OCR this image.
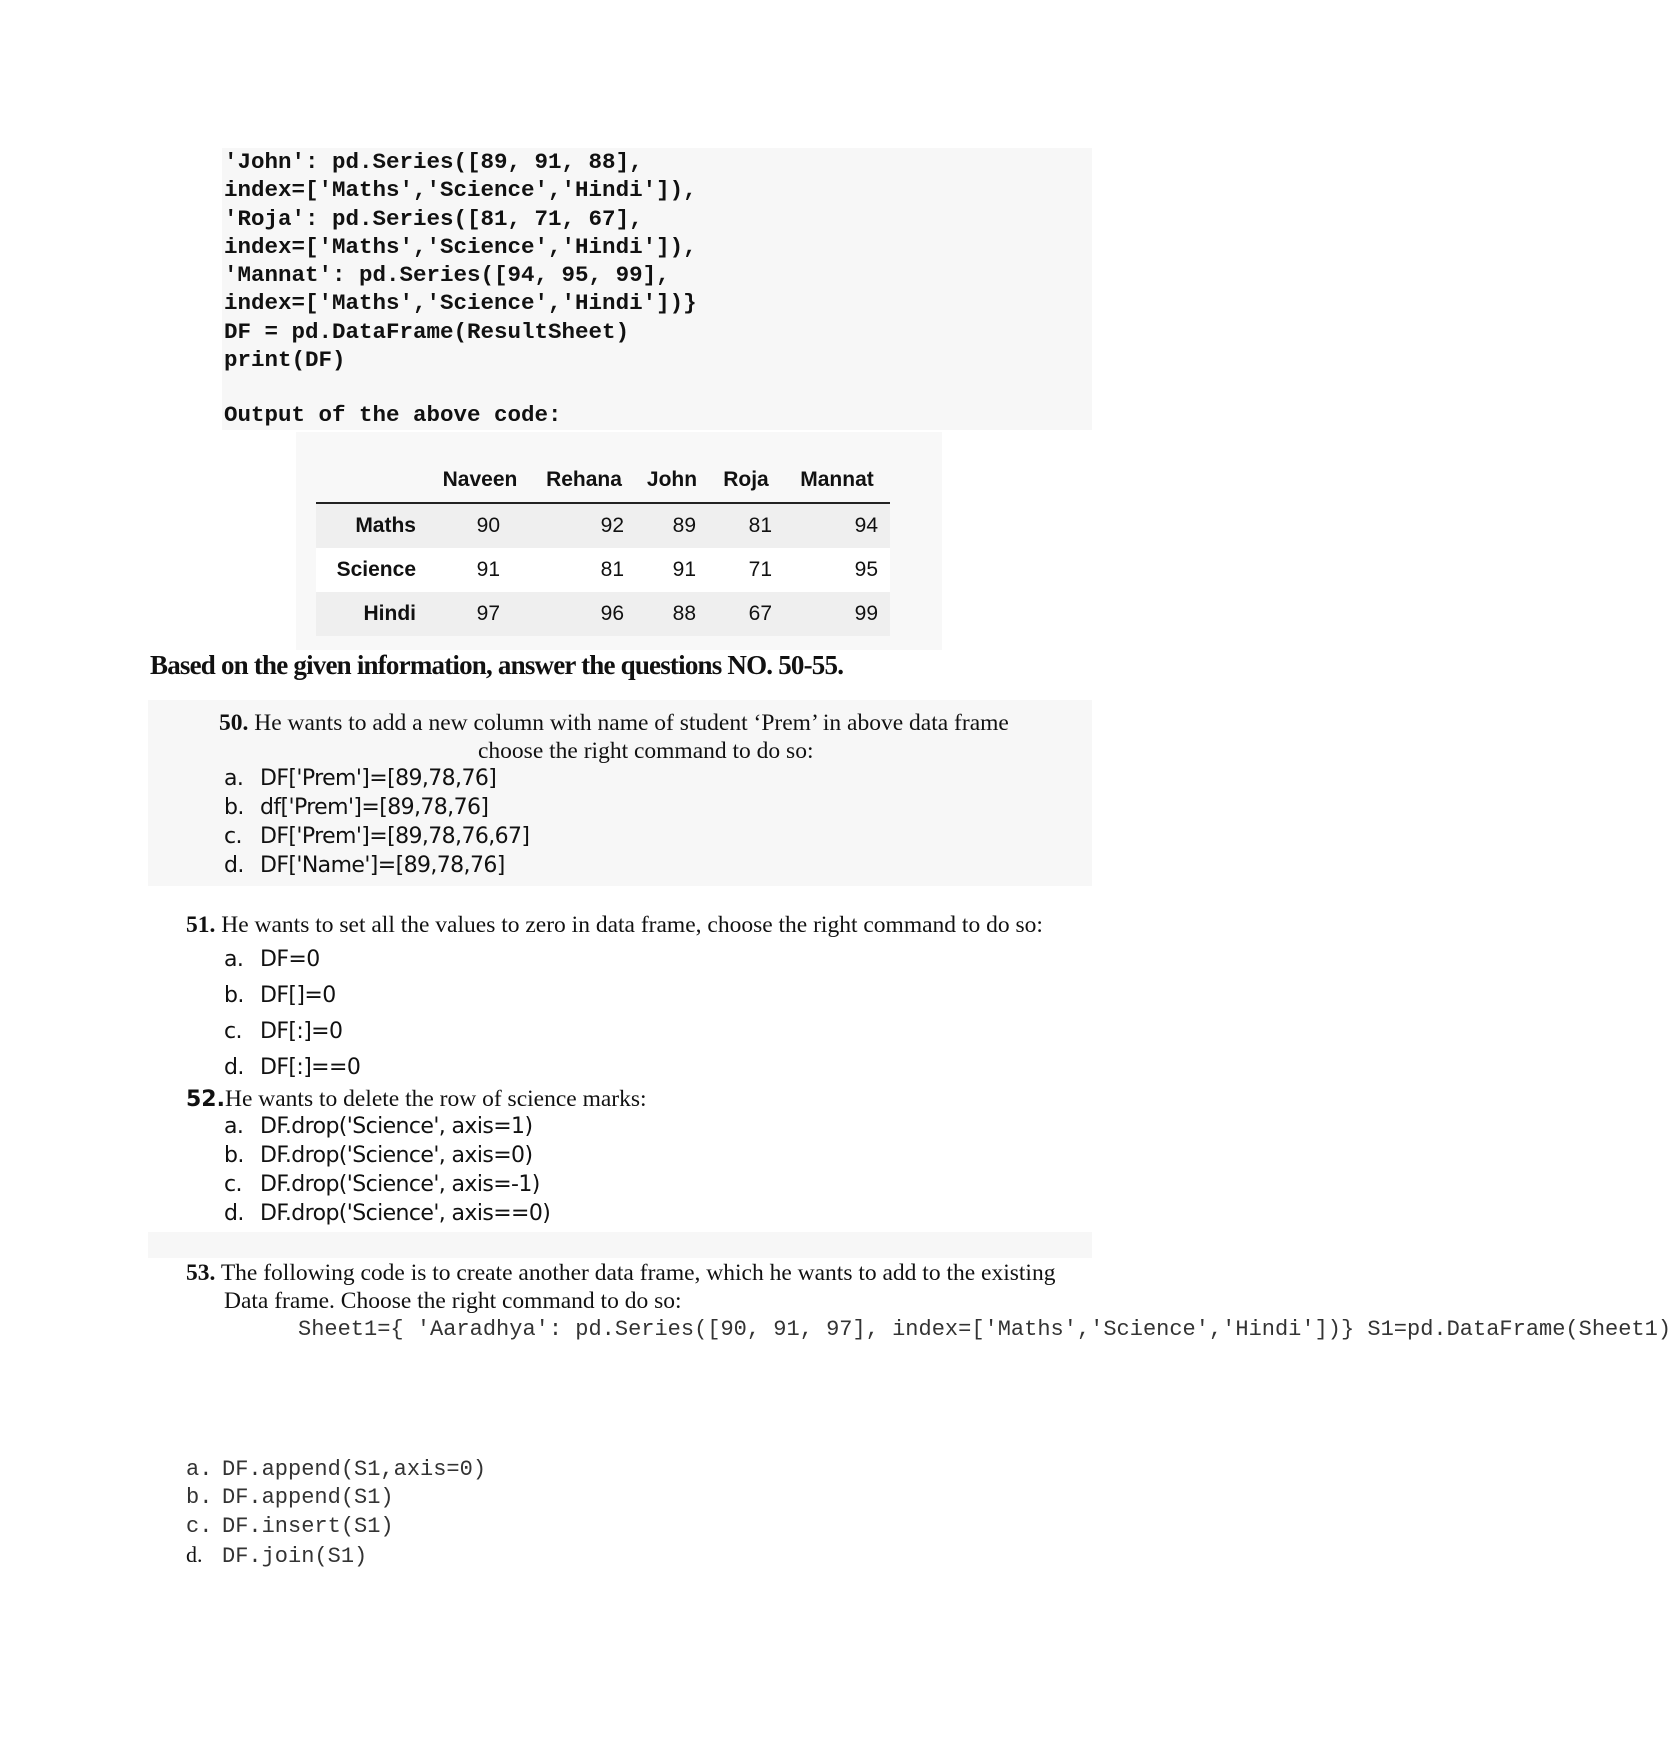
'John': pd.Series([89, 91, 88],
index=['Maths','Science','Hindi']),
'Roja': pd.Series([81, 71, 67],
index=['Maths','Science','Hindi']),
'Mannat': pd.Series([94, 95, 99],
index=['Maths','Science','Hindi'])}
DF = pd.DataFrame(ResultSheet)
print(DF)

Output of the above code:

	Naveen	Rehana	John	Roja	Mannat
Maths	90	92	89	81	94
Science	91	81	91	71	95
Hindi	97	96	88	67	99

Based on the given information, answer the questions NO. 50-55.

50. He wants to add a new column with name of student ‘Prem’ in above data frame

choose the right command to do so:

a. DF['Prem']=[89,78,76]
b. df['Prem']=[89,78,76]
c. DF['Prem']=[89,78,76,67]
d. DF['Name']=[89,78,76]

51. He wants to set all the values to zero in data frame, choose the right command to do so:

a. DF=0
b. DF[]=0
c. DF[:]=0
d. DF[:]==0

52.He wants to delete the row of science marks:

a. DF.drop('Science', axis=1)
b. DF.drop('Science', axis=0)
c. DF.drop('Science', axis=-1)
d. DF.drop('Science', axis==0)

53. The following code is to create another data frame, which he wants to add to the existing

Data frame. Choose the right command to do so:

Sheet1={ 'Aaradhya': pd.Series([90, 91, 97], index=['Maths','Science','Hindi'])} S1=pd.DataFrame(Sheet1)
a. DF.append(S1,axis=0)
b. DF.append(S1)
c. DF.insert(S1)
d. DF.join(S1)
